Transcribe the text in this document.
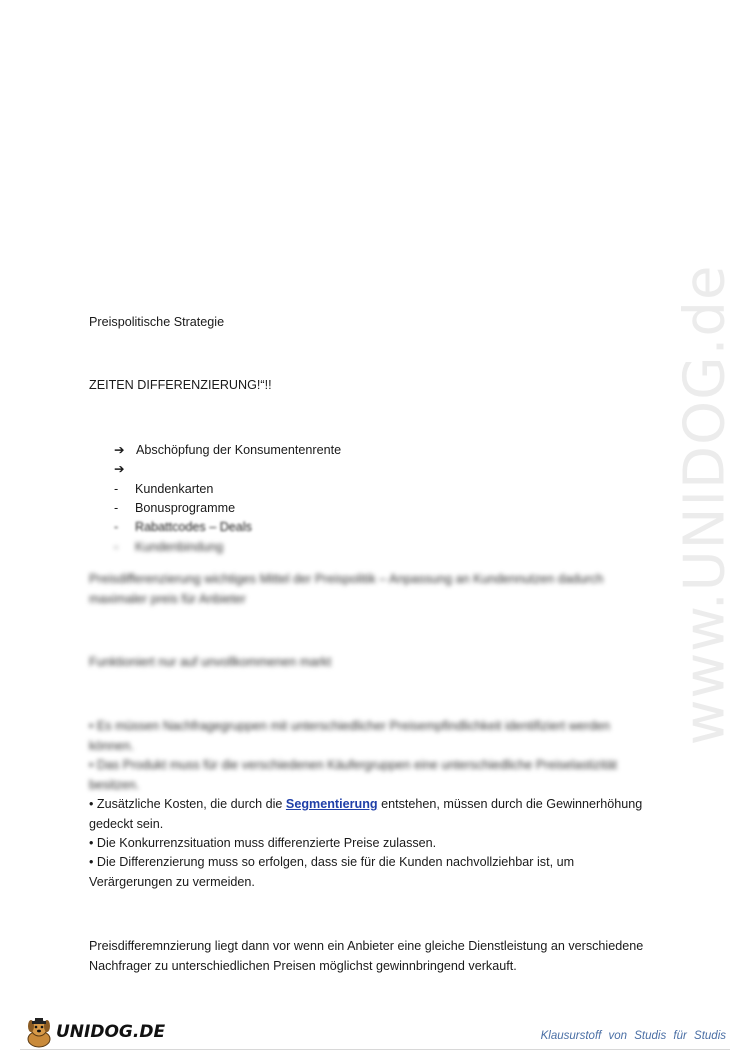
www.UNIDOG.de
Preispolitische Strategie
ZEITEN DIFFERENZIERUNG!“!!
➔ Abschöpfung der Konsumentenrente
➔
- Kundenkarten
- Bonusprogramme
- Rabattcodes – Deals
- Kundenbindung
Preisdifferenzierung wichtiges Mittel der Preispolitik – Anpassung an Kundennutzen dadurch
maximaler preis für Anbieter
Funktioniert nur auf unvollkommenen markt
• Es müssen Nachfragegruppen mit unterschiedlicher Preisempfindlichkeit identifiziert werden
können.
• Das Produkt muss für die verschiedenen Käufergruppen eine unterschiedliche Preiselastizität
besitzen.
• Zusätzliche Kosten, die durch die Segmentierung entstehen, müssen durch die Gewinnerhöhung
gedeckt sein.
• Die Konkurrenzsituation muss differenzierte Preise zulassen.
• Die Differenzierung muss so erfolgen, dass sie für die Kunden nachvollziehbar ist, um
Verärgerungen zu vermeiden.
Preisdifferemnzierung liegt dann vor wenn ein Anbieter eine gleiche Dienstleistung an verschiedene
Nachfrager zu unterschiedlichen Preisen möglichst gewinnbringend verkauft.
UNIDOG.DE	Klausurstoff von Studis für Studis
